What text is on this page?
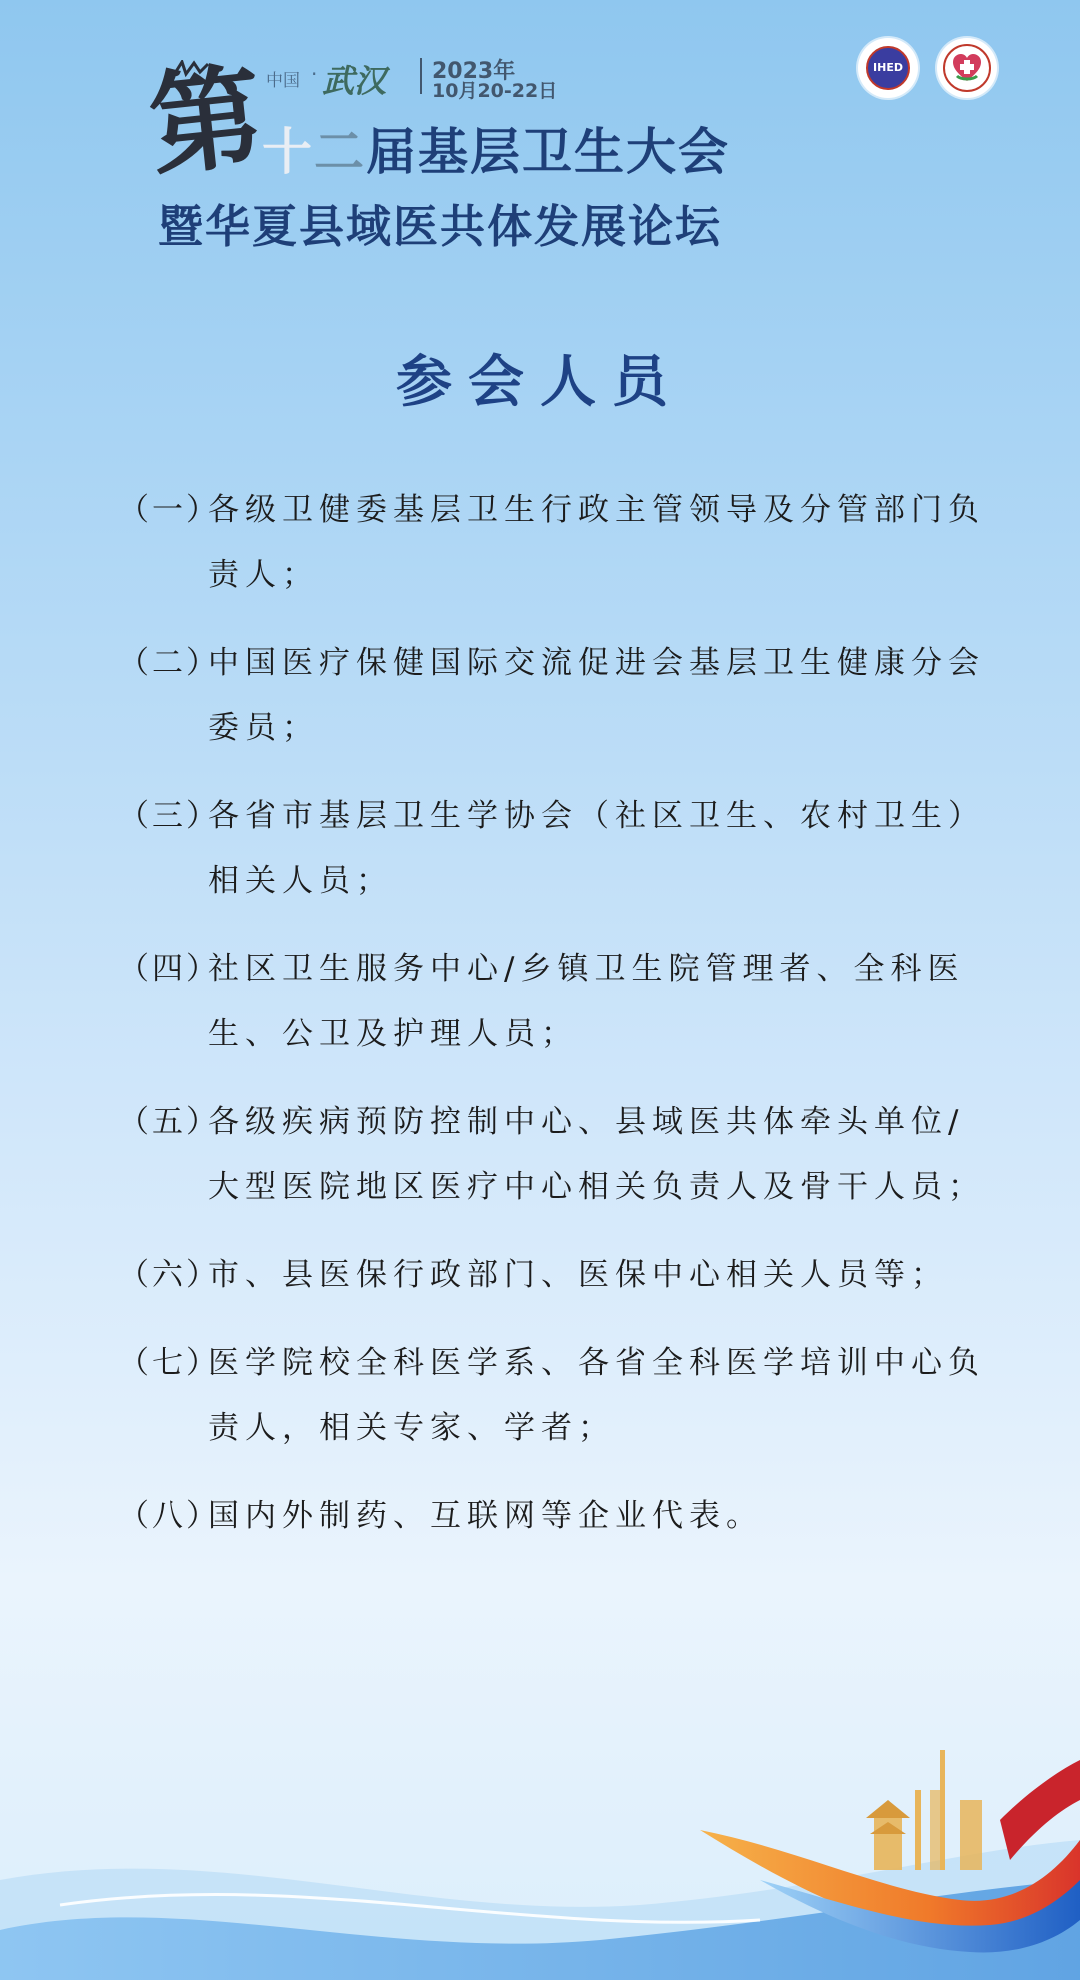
第
中国 · 武汉 2023年
10月20-22日
十二届基层卫生大会
暨华夏县域医共体发展论坛
IHED
参会人员
（一）
各级卫健委基层卫生行政主管领导及分管部门负责人；
（二）
中国医疗保健国际交流促进会基层卫生健康分会委员；
（三）
各省市基层卫生学协会（社区卫生、农村卫生）相关人员；
（四）
社区卫生服务中心/乡镇卫生院管理者、全科医生、公卫及护理人员；
（五）
各级疾病预防控制中心、县域医共体牵头单位/大型医院地区医疗中心相关负责人及骨干人员；
（六）
市、县医保行政部门、医保中心相关人员等；
（七）
医学院校全科医学系、各省全科医学培训中心负责人，相关专家、学者；
（八）
国内外制药、互联网等企业代表。
